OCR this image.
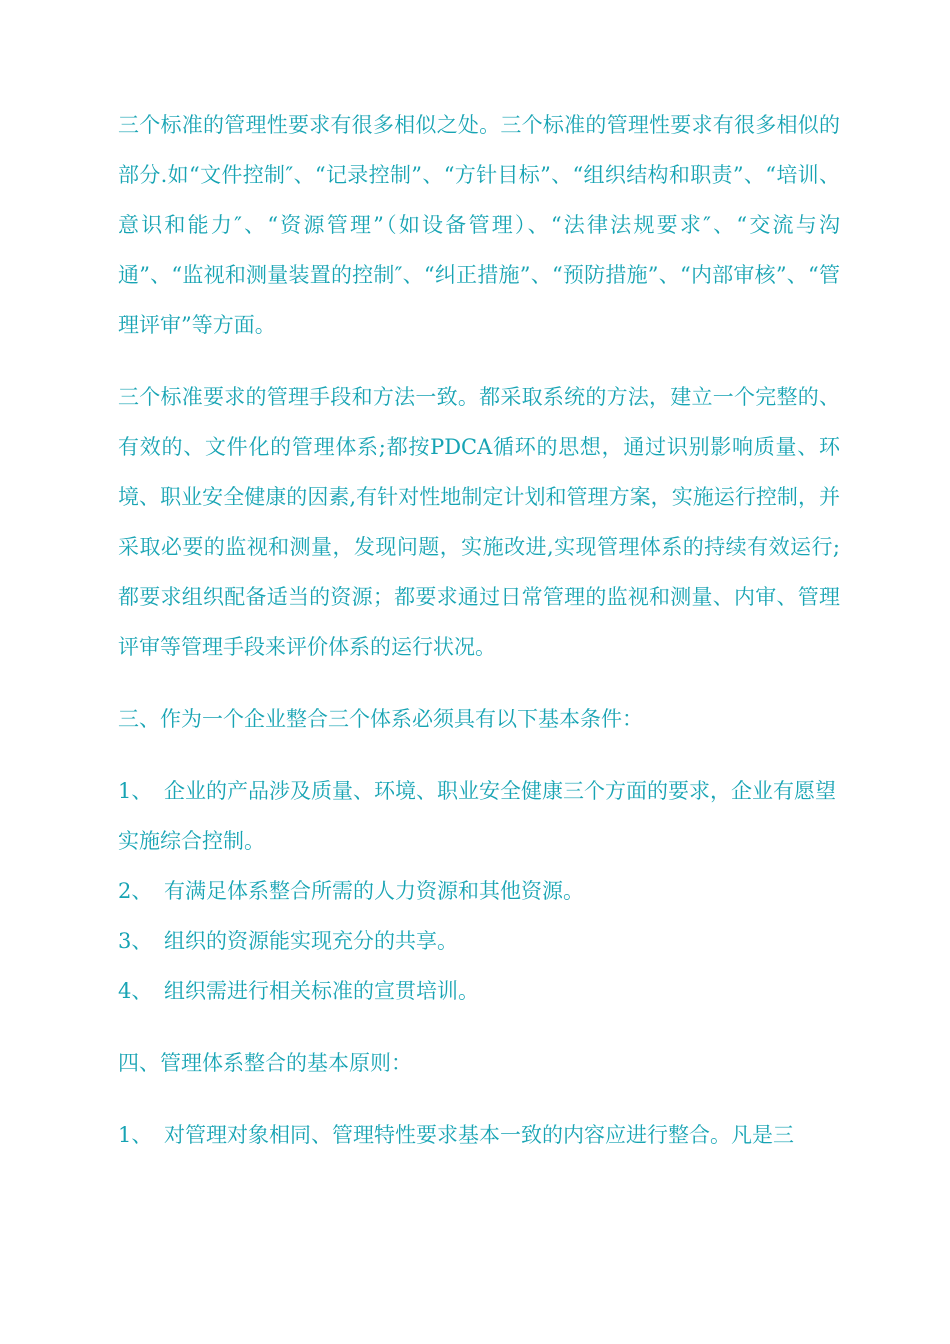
三个标准的管理性要求有很多相似之处。三个标准的管理性要求有很多相似的部分.如“文件控制″、“记录控制”、“方针目标”、“组织结构和职责”、“培训、意识和能力″、“资源管理”（如设备管理）、“法律法规要求″、“交流与沟通”、“监视和测量装置的控制″、“纠正措施”、“预防措施”、“内部审核”、“管理评审”等方面。

三个标准要求的管理手段和方法一致。都采取系统的方法，建立一个完整的、有效的、文件化的管理体系;都按PDCA循环的思想，通过识别影响质量、环境、职业安全健康的因素,有针对性地制定计划和管理方案，实施运行控制，并采取必要的监视和测量，发现问题，实施改进,实现管理体系的持续有效运行;都要求组织配备适当的资源；都要求通过日常管理的监视和测量、内审、管理评审等管理手段来评价体系的运行状况。

三、作为一个企业整合三个体系必须具有以下基本条件：

1、 企业的产品涉及质量、环境、职业安全健康三个方面的要求，企业有愿望实施综合控制。
2、 有满足体系整合所需的人力资源和其他资源。
3、 组织的资源能实现充分的共享。
4、 组织需进行相关标准的宣贯培训。

四、管理体系整合的基本原则：

1、 对管理对象相同、管理特性要求基本一致的内容应进行整合。凡是三
